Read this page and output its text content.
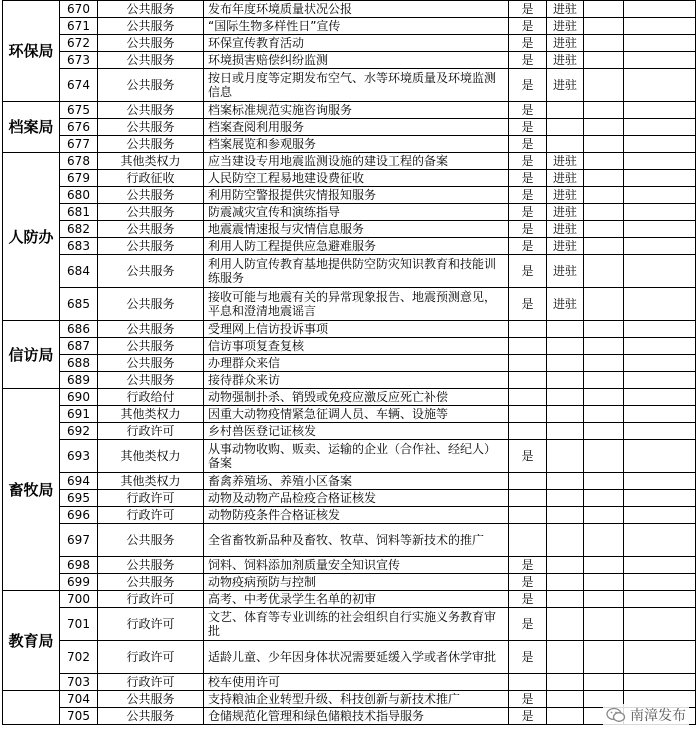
环保局	670	公共服务	发布年度环境质量状况公报	是	进驻		
	671	公共服务	“国际生物多样性日”宣传	是	进驻		
	672	公共服务	环保宣传教育活动	是	进驻		
	673	公共服务	环境损害赔偿纠纷监测	是	进驻		
	674	公共服务	按日或月度等定期发布空气、水等环境质量及环境监测信息	是	进驻		
档案局	675	公共服务	档案标准规范实施咨询服务	是			
	676	公共服务	档案查阅利用服务	是			
	677	公共服务	档案展览和参观服务	是			
人防办	678	其他类权力	应当建设专用地震监测设施的建设工程的备案	是	进驻		
	679	行政征收	人民防空工程易地建设费征收	是	进驻		
	680	公共服务	利用防空警报提供灾情报知服务	是	进驻		
	681	公共服务	防震减灾宣传和演练指导	是	进驻		
	682	公共服务	地震震情速报与灾情信息服务	是	进驻		
	683	公共服务	利用人防工程提供应急避难服务	是	进驻		
	684	公共服务	利用人防宣传教育基地提供防空防灾知识教育和技能训练服务	是	进驻		
	685	公共服务	接收可能与地震有关的异常现象报告、地震预测意见，平息和澄清地震谣言	是	进驻		
信访局	686	公共服务	受理网上信访投诉事项				
	687	公共服务	信访事项复查复核				
	688	公共服务	办理群众来信				
	689	公共服务	接待群众来访				
畜牧局	690	行政给付	动物强制扑杀、销毁或免疫应激反应死亡补偿				
	691	其他类权力	因重大动物疫情紧急征调人员、车辆、设施等				
	692	行政许可	乡村兽医登记证核发				
	693	其他类权力	从事动物收购、贩卖、运输的企业（合作社、经纪人）备案	是			
	694	其他类权力	畜禽养殖场、养殖小区备案				
	695	行政许可	动物及动物产品检疫合格证核发				
	696	行政许可	动物防疫条件合格证核发				
	697	公共服务	全省畜牧新品种及畜牧、牧草、饲料等新技术的推广				
	698	公共服务	饲料、饲料添加剂质量安全知识宣传	是			
	699	公共服务	动物疫病预防与控制	是			
教育局	700	行政许可	高考、中考优录学生名单的初审	是			
	701	行政许可	文艺、体育等专业训练的社会组织自行实施义务教育审批	是			
	702	行政许可	适龄儿童、少年因身体状况需要延缓入学或者休学审批	是			
	703	行政许可	校车使用许可				
	704	公共服务	支持粮油企业转型升级、科技创新与新技术推广	是			
	705	公共服务	仓储规范化管理和绿色储粮技术指导服务	是				南漳发布
